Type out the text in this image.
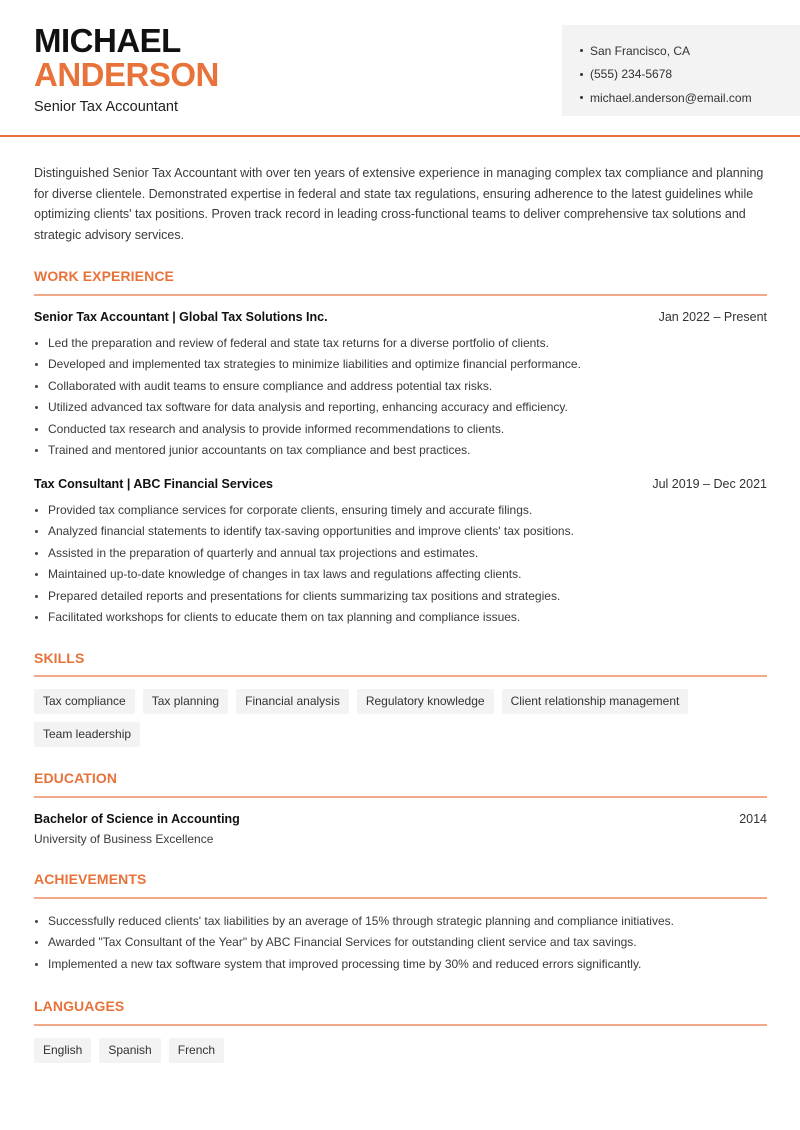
MICHAEL
ANDERSON
Senior Tax Accountant
San Francisco, CA
(555) 234-5678
michael.anderson@email.com

Distinguished Senior Tax Accountant with over ten years of extensive experience in managing complex tax compliance and planning for diverse clientele. Demonstrated expertise in federal and state tax regulations, ensuring adherence to the latest guidelines while optimizing clients' tax positions. Proven track record in leading cross-functional teams to deliver comprehensive tax solutions and strategic advisory services.

WORK EXPERIENCE
Senior Tax Accountant | Global Tax Solutions Inc.	Jan 2022 – Present
Led the preparation and review of federal and state tax returns for a diverse portfolio of clients.
Developed and implemented tax strategies to minimize liabilities and optimize financial performance.
Collaborated with audit teams to ensure compliance and address potential tax risks.
Utilized advanced tax software for data analysis and reporting, enhancing accuracy and efficiency.
Conducted tax research and analysis to provide informed recommendations to clients.
Trained and mentored junior accountants on tax compliance and best practices.
Tax Consultant | ABC Financial Services	Jul 2019 – Dec 2021
Provided tax compliance services for corporate clients, ensuring timely and accurate filings.
Analyzed financial statements to identify tax-saving opportunities and improve clients' tax positions.
Assisted in the preparation of quarterly and annual tax projections and estimates.
Maintained up-to-date knowledge of changes in tax laws and regulations affecting clients.
Prepared detailed reports and presentations for clients summarizing tax positions and strategies.
Facilitated workshops for clients to educate them on tax planning and compliance issues.
SKILLS
Tax compliance	Tax planning	Financial analysis	Regulatory knowledge	Client relationship management
Team leadership
EDUCATION
Bachelor of Science in Accounting	2014
University of Business Excellence
ACHIEVEMENTS
Successfully reduced clients' tax liabilities by an average of 15% through strategic planning and compliance initiatives.
Awarded "Tax Consultant of the Year" by ABC Financial Services for outstanding client service and tax savings.
Implemented a new tax software system that improved processing time by 30% and reduced errors significantly.
LANGUAGES
English	Spanish	French
